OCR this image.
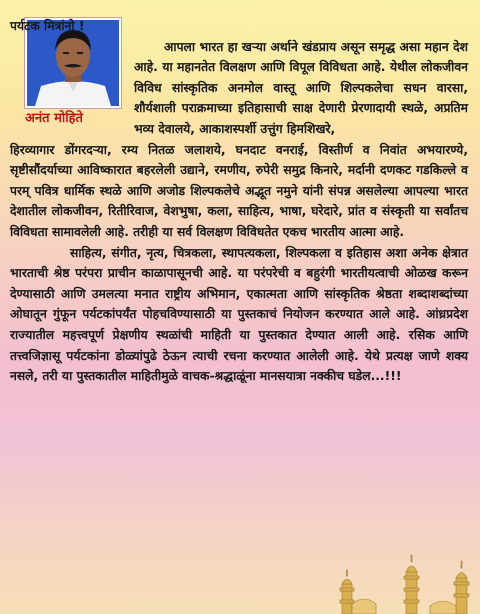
अनंत मोहिते

पर्यटक मित्रांनो !

आपला भारत हा खऱ्या अर्थाने खंडप्राय असून समृद्ध असा महान देश आहे. या महानतेत विलक्षण आणि विपूल विविधता आहे. येथील लोकजीवन विविध सांस्कृतिक अनमोल वास्तू आणि शिल्पकलेचा सधन वारसा, शौर्यशाली पराक्रमाच्या इतिहासाची साक्ष देणारी प्रेरणादायी स्थळे, अप्रतिम भव्य देवालये, आकाशस्पर्शी उत्तुंग हिमशिखरे,

हिरव्यागार डोंगरदऱ्या, रम्य नितळ जलाशये, घनदाट वनराई, विस्तीर्ण व निवांत अभयारण्ये, सृष्टीसौंदर्याच्या आविष्कारात बहरलेली उद्याने, रमणीय, रुपेरी समुद्र किनारे, मर्दानी दणकट गडकिल्ले व परम् पवित्र धार्मिक स्थळे आणि अजोड शिल्पकलेचे अद्भूत नमुने यांनी संपन्न असलेल्या आपल्या भारत देशातील लोकजीवन, रितीरिवाज, वेशभुषा, कला, साहित्य, भाषा, घरेदारे, प्रांत व संस्कृती या सर्वांतच विविधता सामावलेली आहे. तरीही या सर्व विलक्षण विविधतेत एकच भारतीय आत्मा आहे.

साहित्य, संगीत, नृत्य, चित्रकला, स्थापत्यकला, शिल्पकला व इतिहास अशा अनेक क्षेत्रात भारताची श्रेष्ठ परंपरा प्राचीन काळापासूनची आहे. या परंपरेची व बहुरंगी भारतीयत्वाची ओळख करून देण्यासाठी आणि उमलत्या मनात राष्ट्रीय अभिमान, एकात्मता आणि सांस्कृतिक श्रेष्ठता शब्दाशब्दांच्या ओघातून गुंफून पर्यटकांपर्यंत पोहचविण्यासाठी या पुस्तकाचं नियोजन करण्यात आले आहे. आंध्रप्रदेश राज्यातील महत्त्वपूर्ण प्रेक्षणीय स्थळांची माहिती या पुस्तकात देण्यात आली आहे. रसिक आणि तत्त्वजिज्ञासू पर्यटकांना डोळ्यांपुढे ठेऊन त्याची रचना करण्यात आलेली आहे. येथे प्रत्यक्ष जाणे शक्य नसले, तरी या पुस्तकातील माहितीमुळे वाचक-श्रद्धाळूंना मानसयात्रा नक्कीच घडेल...!!!
